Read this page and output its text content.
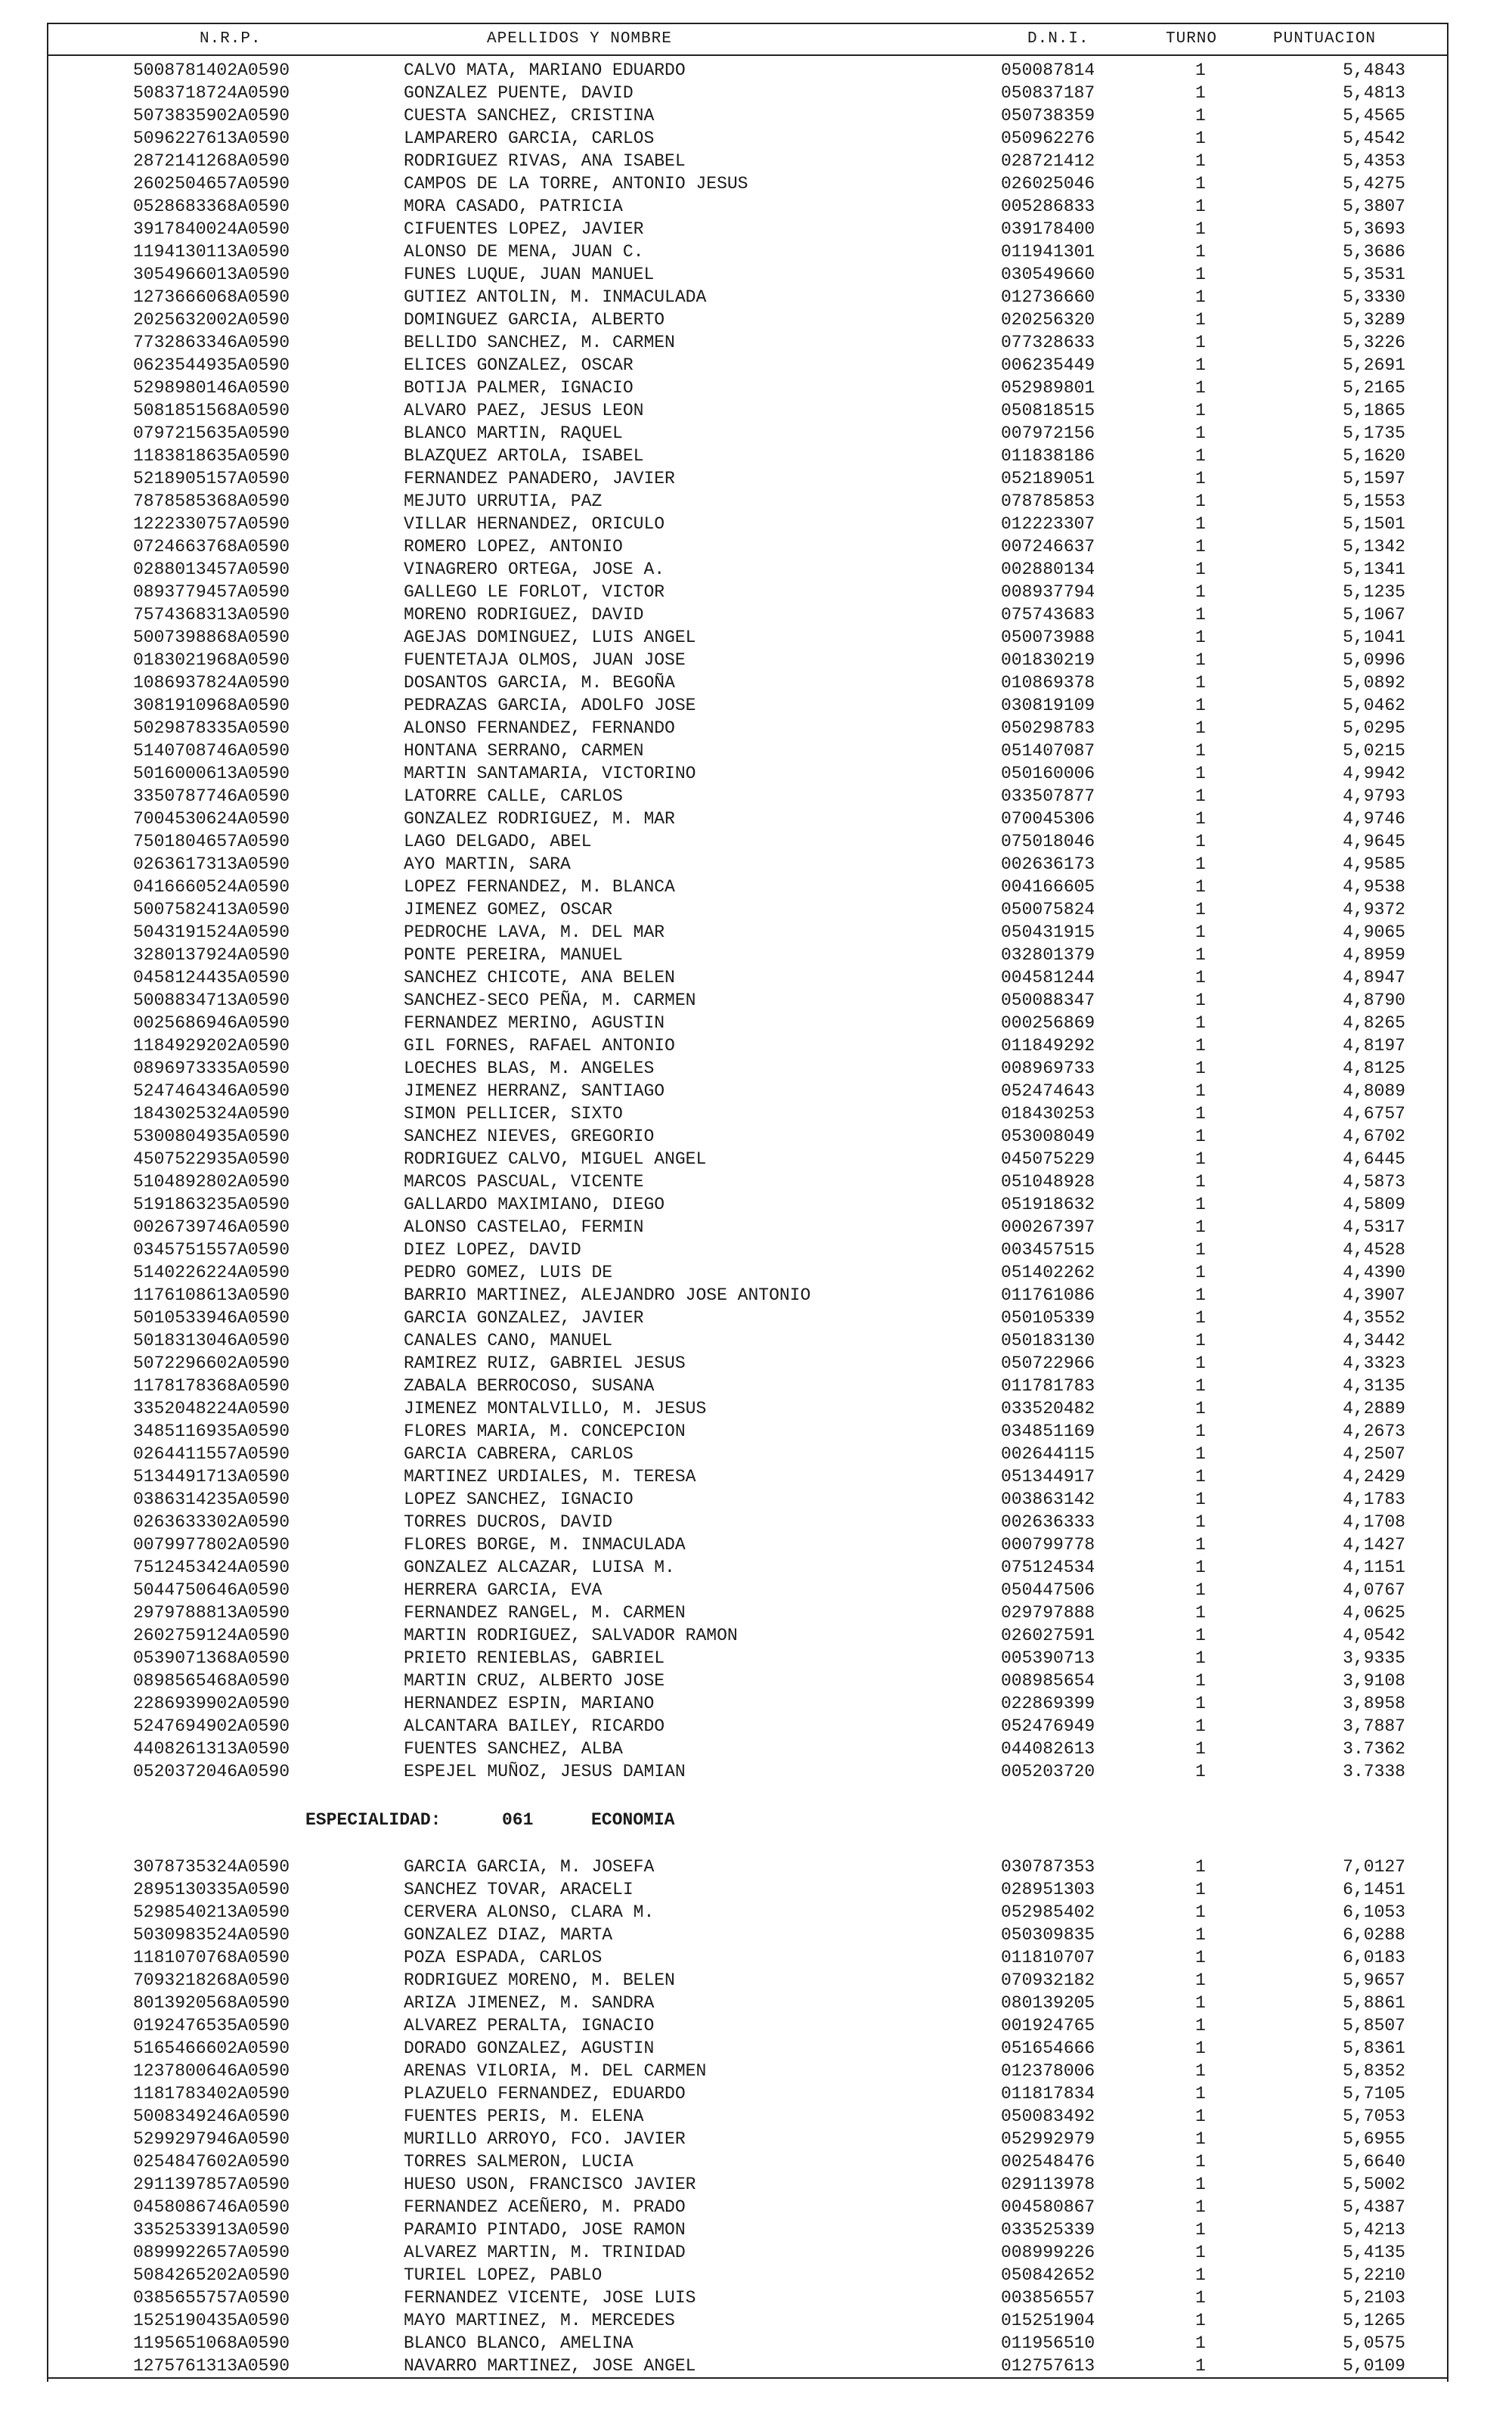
N.R.P.	APELLIDOS Y NOMBRE	D.N.I.	TURNO	PUNTUACION
5008781402A0590	CALVO MATA, MARIANO EDUARDO	050087814	1	5,4843
5083718724A0590	GONZALEZ PUENTE, DAVID	050837187	1	5,4813
5073835902A0590	CUESTA SANCHEZ, CRISTINA	050738359	1	5,4565
5096227613A0590	LAMPARERO GARCIA, CARLOS	050962276	1	5,4542
2872141268A0590	RODRIGUEZ RIVAS, ANA ISABEL	028721412	1	5,4353
2602504657A0590	CAMPOS DE LA TORRE, ANTONIO JESUS	026025046	1	5,4275
0528683368A0590	MORA CASADO, PATRICIA	005286833	1	5,3807
3917840024A0590	CIFUENTES LOPEZ, JAVIER	039178400	1	5,3693
1194130113A0590	ALONSO DE MENA, JUAN C.	011941301	1	5,3686
3054966013A0590	FUNES LUQUE, JUAN MANUEL	030549660	1	5,3531
1273666068A0590	GUTIEZ ANTOLIN, M. INMACULADA	012736660	1	5,3330
2025632002A0590	DOMINGUEZ GARCIA, ALBERTO	020256320	1	5,3289
7732863346A0590	BELLIDO SANCHEZ, M. CARMEN	077328633	1	5,3226
0623544935A0590	ELICES GONZALEZ, OSCAR	006235449	1	5,2691
5298980146A0590	BOTIJA PALMER, IGNACIO	052989801	1	5,2165
5081851568A0590	ALVARO PAEZ, JESUS LEON	050818515	1	5,1865
0797215635A0590	BLANCO MARTIN, RAQUEL	007972156	1	5,1735
1183818635A0590	BLAZQUEZ ARTOLA, ISABEL	011838186	1	5,1620
5218905157A0590	FERNANDEZ PANADERO, JAVIER	052189051	1	5,1597
7878585368A0590	MEJUTO URRUTIA, PAZ	078785853	1	5,1553
1222330757A0590	VILLAR HERNANDEZ, ORICULO	012223307	1	5,1501
0724663768A0590	ROMERO LOPEZ, ANTONIO	007246637	1	5,1342
0288013457A0590	VINAGRERO ORTEGA, JOSE A.	002880134	1	5,1341
0893779457A0590	GALLEGO LE FORLOT, VICTOR	008937794	1	5,1235
7574368313A0590	MORENO RODRIGUEZ, DAVID	075743683	1	5,1067
5007398868A0590	AGEJAS DOMINGUEZ, LUIS ANGEL	050073988	1	5,1041
0183021968A0590	FUENTETAJA OLMOS, JUAN JOSE	001830219	1	5,0996
1086937824A0590	DOSANTOS GARCIA, M. BEGOÑA	010869378	1	5,0892
3081910968A0590	PEDRAZAS GARCIA, ADOLFO JOSE	030819109	1	5,0462
5029878335A0590	ALONSO FERNANDEZ, FERNANDO	050298783	1	5,0295
5140708746A0590	HONTANA SERRANO, CARMEN	051407087	1	5,0215
5016000613A0590	MARTIN SANTAMARIA, VICTORINO	050160006	1	4,9942
3350787746A0590	LATORRE CALLE, CARLOS	033507877	1	4,9793
7004530624A0590	GONZALEZ RODRIGUEZ, M. MAR	070045306	1	4,9746
7501804657A0590	LAGO DELGADO, ABEL	075018046	1	4,9645
0263617313A0590	AYO MARTIN, SARA	002636173	1	4,9585
0416660524A0590	LOPEZ FERNANDEZ, M. BLANCA	004166605	1	4,9538
5007582413A0590	JIMENEZ GOMEZ, OSCAR	050075824	1	4,9372
5043191524A0590	PEDROCHE LAVA, M. DEL MAR	050431915	1	4,9065
3280137924A0590	PONTE PEREIRA, MANUEL	032801379	1	4,8959
0458124435A0590	SANCHEZ CHICOTE, ANA BELEN	004581244	1	4,8947
5008834713A0590	SANCHEZ-SECO PEÑA, M. CARMEN	050088347	1	4,8790
0025686946A0590	FERNANDEZ MERINO, AGUSTIN	000256869	1	4,8265
1184929202A0590	GIL FORNES, RAFAEL ANTONIO	011849292	1	4,8197
0896973335A0590	LOECHES BLAS, M. ANGELES	008969733	1	4,8125
5247464346A0590	JIMENEZ HERRANZ, SANTIAGO	052474643	1	4,8089
1843025324A0590	SIMON PELLICER, SIXTO	018430253	1	4,6757
5300804935A0590	SANCHEZ NIEVES, GREGORIO	053008049	1	4,6702
4507522935A0590	RODRIGUEZ CALVO, MIGUEL ANGEL	045075229	1	4,6445
5104892802A0590	MARCOS PASCUAL, VICENTE	051048928	1	4,5873
5191863235A0590	GALLARDO MAXIMIANO, DIEGO	051918632	1	4,5809
0026739746A0590	ALONSO CASTELAO, FERMIN	000267397	1	4,5317
0345751557A0590	DIEZ LOPEZ, DAVID	003457515	1	4,4528
5140226224A0590	PEDRO GOMEZ, LUIS DE	051402262	1	4,4390
1176108613A0590	BARRIO MARTINEZ, ALEJANDRO JOSE ANTONIO	011761086	1	4,3907
5010533946A0590	GARCIA GONZALEZ, JAVIER	050105339	1	4,3552
5018313046A0590	CANALES CANO, MANUEL	050183130	1	4,3442
5072296602A0590	RAMIREZ RUIZ, GABRIEL JESUS	050722966	1	4,3323
1178178368A0590	ZABALA BERROCOSO, SUSANA	011781783	1	4,3135
3352048224A0590	JIMENEZ MONTALVILLO, M. JESUS	033520482	1	4,2889
3485116935A0590	FLORES MARIA, M. CONCEPCION	034851169	1	4,2673
0264411557A0590	GARCIA CABRERA, CARLOS	002644115	1	4,2507
5134491713A0590	MARTINEZ URDIALES, M. TERESA	051344917	1	4,2429
0386314235A0590	LOPEZ SANCHEZ, IGNACIO	003863142	1	4,1783
0263633302A0590	TORRES DUCROS, DAVID	002636333	1	4,1708
0079977802A0590	FLORES BORGE, M. INMACULADA	000799778	1	4,1427
7512453424A0590	GONZALEZ ALCAZAR, LUISA M.	075124534	1	4,1151
5044750646A0590	HERRERA GARCIA, EVA	050447506	1	4,0767
2979788813A0590	FERNANDEZ RANGEL, M. CARMEN	029797888	1	4,0625
2602759124A0590	MARTIN RODRIGUEZ, SALVADOR RAMON	026027591	1	4,0542
0539071368A0590	PRIETO RENIEBLAS, GABRIEL	005390713	1	3,9335
0898565468A0590	MARTIN CRUZ, ALBERTO JOSE	008985654	1	3,9108
2286939902A0590	HERNANDEZ ESPIN, MARIANO	022869399	1	3,8958
5247694902A0590	ALCANTARA BAILEY, RICARDO	052476949	1	3,7887
4408261313A0590	FUENTES SANCHEZ, ALBA	044082613	1	3.7362
0520372046A0590	ESPEJEL MUÑOZ, JESUS DAMIAN	005203720	1	3.7338
ESPECIALIDAD:	061	ECONOMIA
3078735324A0590	GARCIA GARCIA, M. JOSEFA	030787353	1	7,0127
2895130335A0590	SANCHEZ TOVAR, ARACELI	028951303	1	6,1451
5298540213A0590	CERVERA ALONSO, CLARA M.	052985402	1	6,1053
5030983524A0590	GONZALEZ DIAZ, MARTA	050309835	1	6,0288
1181070768A0590	POZA ESPADA, CARLOS	011810707	1	6,0183
7093218268A0590	RODRIGUEZ MORENO, M. BELEN	070932182	1	5,9657
8013920568A0590	ARIZA JIMENEZ, M. SANDRA	080139205	1	5,8861
0192476535A0590	ALVAREZ PERALTA, IGNACIO	001924765	1	5,8507
5165466602A0590	DORADO GONZALEZ, AGUSTIN	051654666	1	5,8361
1237800646A0590	ARENAS VILORIA, M. DEL CARMEN	012378006	1	5,8352
1181783402A0590	PLAZUELO FERNANDEZ, EDUARDO	011817834	1	5,7105
5008349246A0590	FUENTES PERIS, M. ELENA	050083492	1	5,7053
5299297946A0590	MURILLO ARROYO, FCO. JAVIER	052992979	1	5,6955
0254847602A0590	TORRES SALMERON, LUCIA	002548476	1	5,6640
2911397857A0590	HUESO USON, FRANCISCO JAVIER	029113978	1	5,5002
0458086746A0590	FERNANDEZ ACEÑERO, M. PRADO	004580867	1	5,4387
3352533913A0590	PARAMIO PINTADO, JOSE RAMON	033525339	1	5,4213
0899922657A0590	ALVAREZ MARTIN, M. TRINIDAD	008999226	1	5,4135
5084265202A0590	TURIEL LOPEZ, PABLO	050842652	1	5,2210
0385655757A0590	FERNANDEZ VICENTE, JOSE LUIS	003856557	1	5,2103
1525190435A0590	MAYO MARTINEZ, M. MERCEDES	015251904	1	5,1265
1195651068A0590	BLANCO BLANCO, AMELINA	011956510	1	5,0575
1275761313A0590	NAVARRO MARTINEZ, JOSE ANGEL	012757613	1	5,0109
